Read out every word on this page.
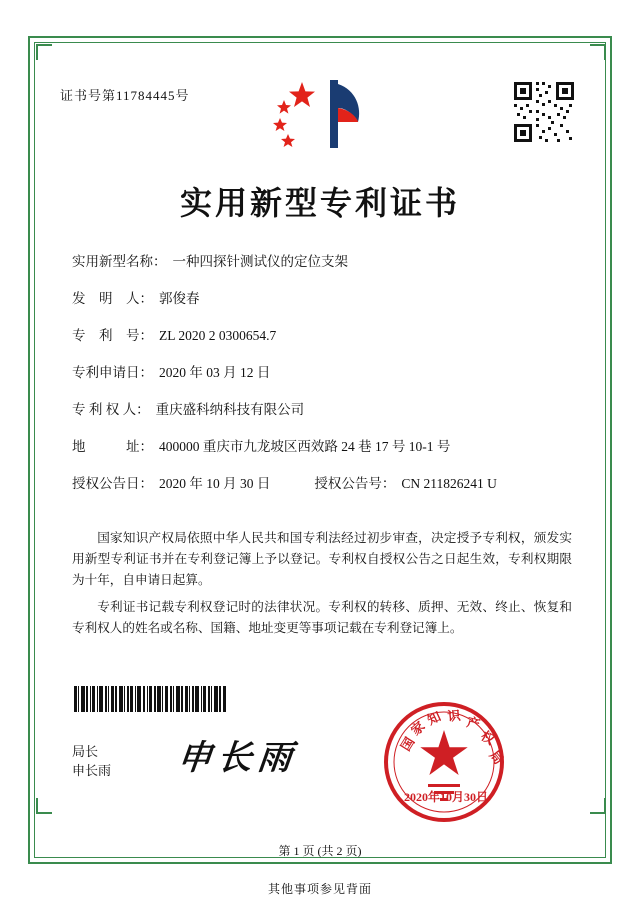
证书号第11784445号
实用新型专利证书
实用新型名称： 一种四探针测试仪的定位支架
发　明　人： 郭俊春
专　利　号： ZL 2020 2 0300654.7
专利申请日： 2020 年 03 月 12 日
专 利 权 人： 重庆盛科纳科技有限公司
地　　　址： 400000 重庆市九龙坡区西效路 24 巷 17 号 10-1 号
授权公告日： 2020 年 10 月 30 日	授权公告号： CN 211826241 U

国家知识产权局依照中华人民共和国专利法经过初步审查，决定授予专利权，颁发实用新型专利证书并在专利登记簿上予以登记。专利权自授权公告之日起生效，专利权期限为十年，自申请日起算。

专利证书记载专利权登记时的法律状况。专利权的转移、质押、无效、终止、恢复和专利权人的姓名或名称、国籍、地址变更等事项记载在专利登记簿上。

局长
申长雨 申长雨	国
家
知 识 产
权
局
2020年10月30日
第 1 页 (共 2 页)
其他事项参见背面
